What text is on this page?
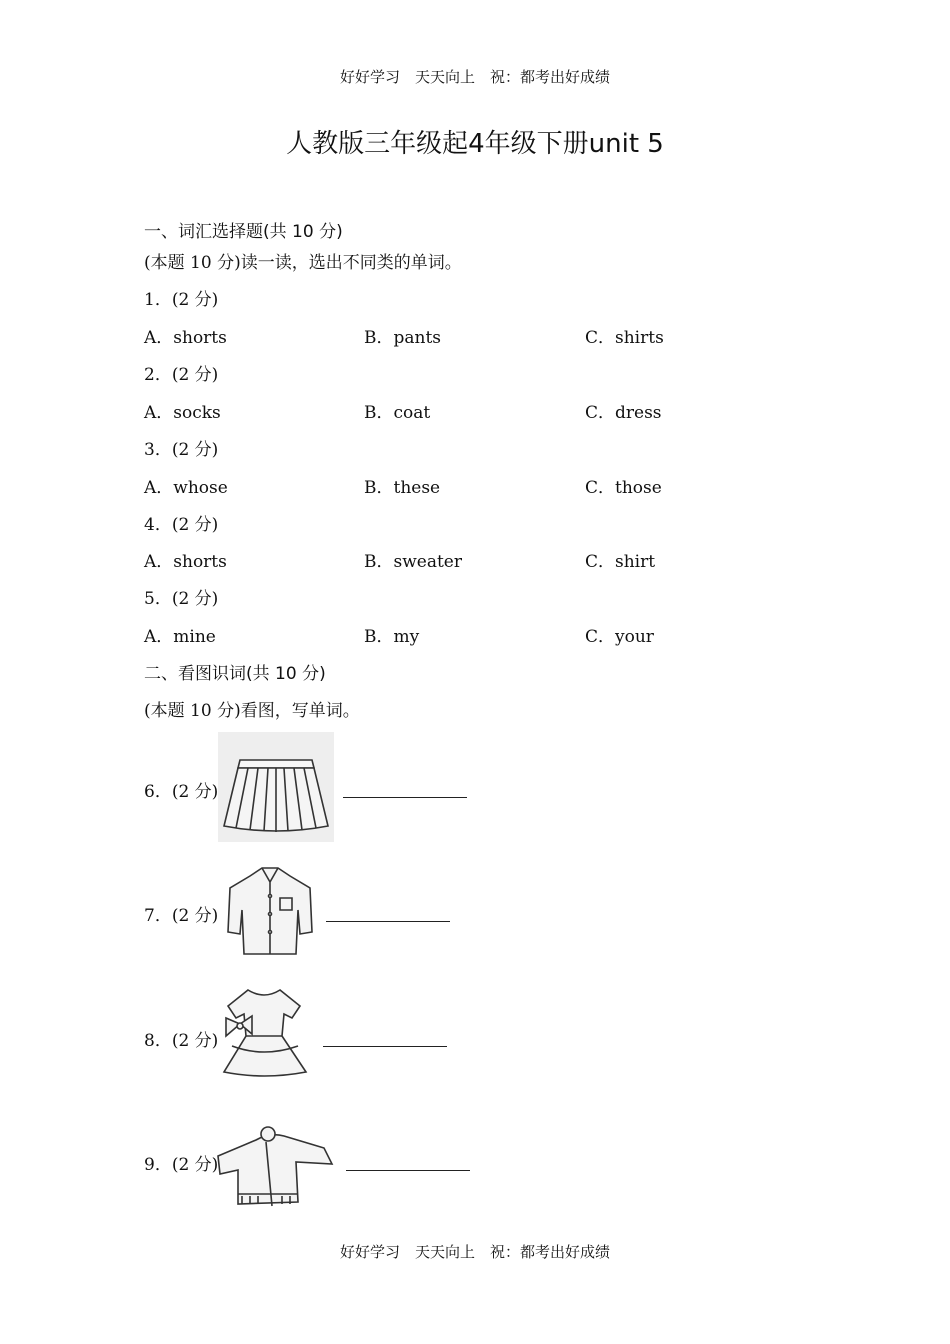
好好学习　天天向上　祝：都考出好成绩
人教版三年级起4年级下册unit 5
一、词汇选择题(共 10 分)
(本题 10 分)读一读，选出不同类的单词。
1．(2 分)
A．shorts	B．pants	C．shirts
2．(2 分)
A．socks	B．coat	C．dress
3．(2 分)
A．whose	B．these	C．those
4．(2 分)
A．shorts	B．sweater	C．shirt
5．(2 分)
A．mine	B．my	C．your
二、看图识词(共 10 分)
(本题 10 分)看图，写单词。
6．(2 分)
7．(2 分)
8．(2 分)
9．(2 分)
好好学习　天天向上　祝：都考出好成绩
